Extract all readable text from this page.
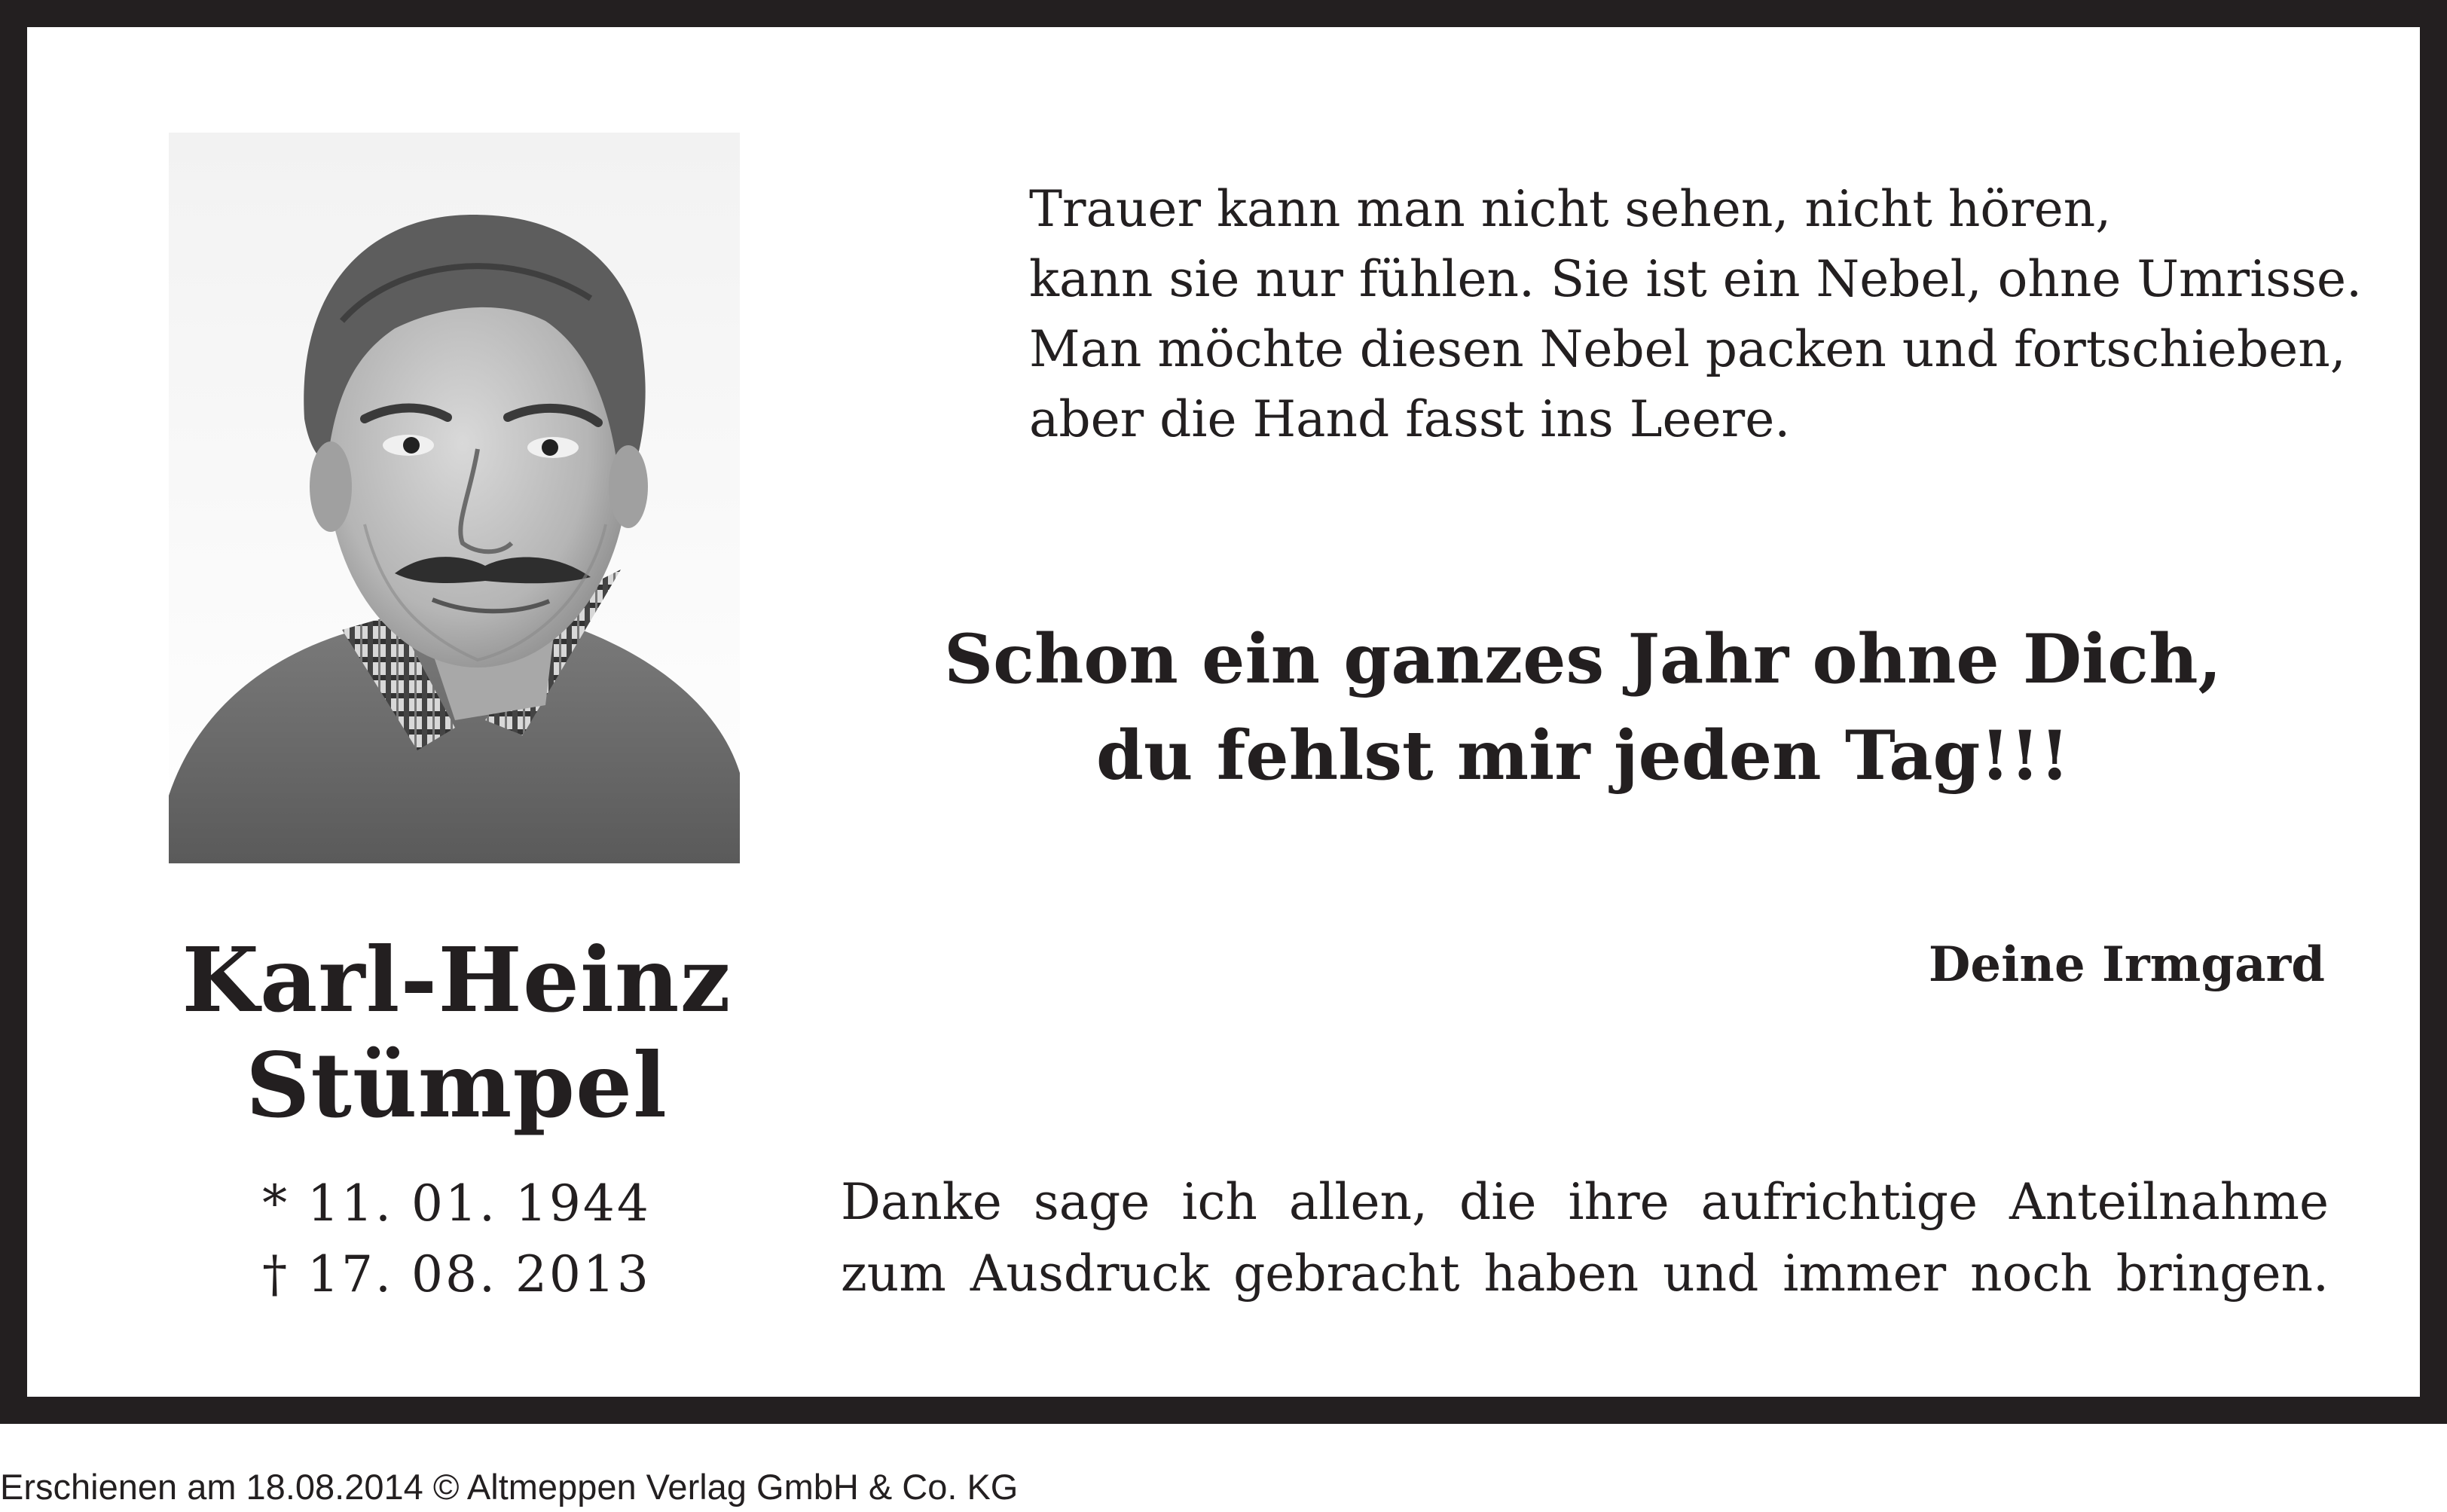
Karl-Heinz
Stümpel
* 11. 01. 1944
† 17. 08. 2013
Trauer kann man nicht sehen, nicht hören,
kann sie nur fühlen. Sie ist ein Nebel, ohne Umrisse.
Man möchte diesen Nebel packen und fortschieben,
aber die Hand fasst ins Leere.
Schon ein ganzes Jahr ohne Dich,
du fehlst mir jeden Tag!!!
Deine Irmgard
Danke sage ich allen, die ihre aufrichtige Anteilnahme
zum Ausdruck gebracht haben und immer noch bringen.
Erschienen am 18.08.2014 © Altmeppen Verlag GmbH & Co. KG
